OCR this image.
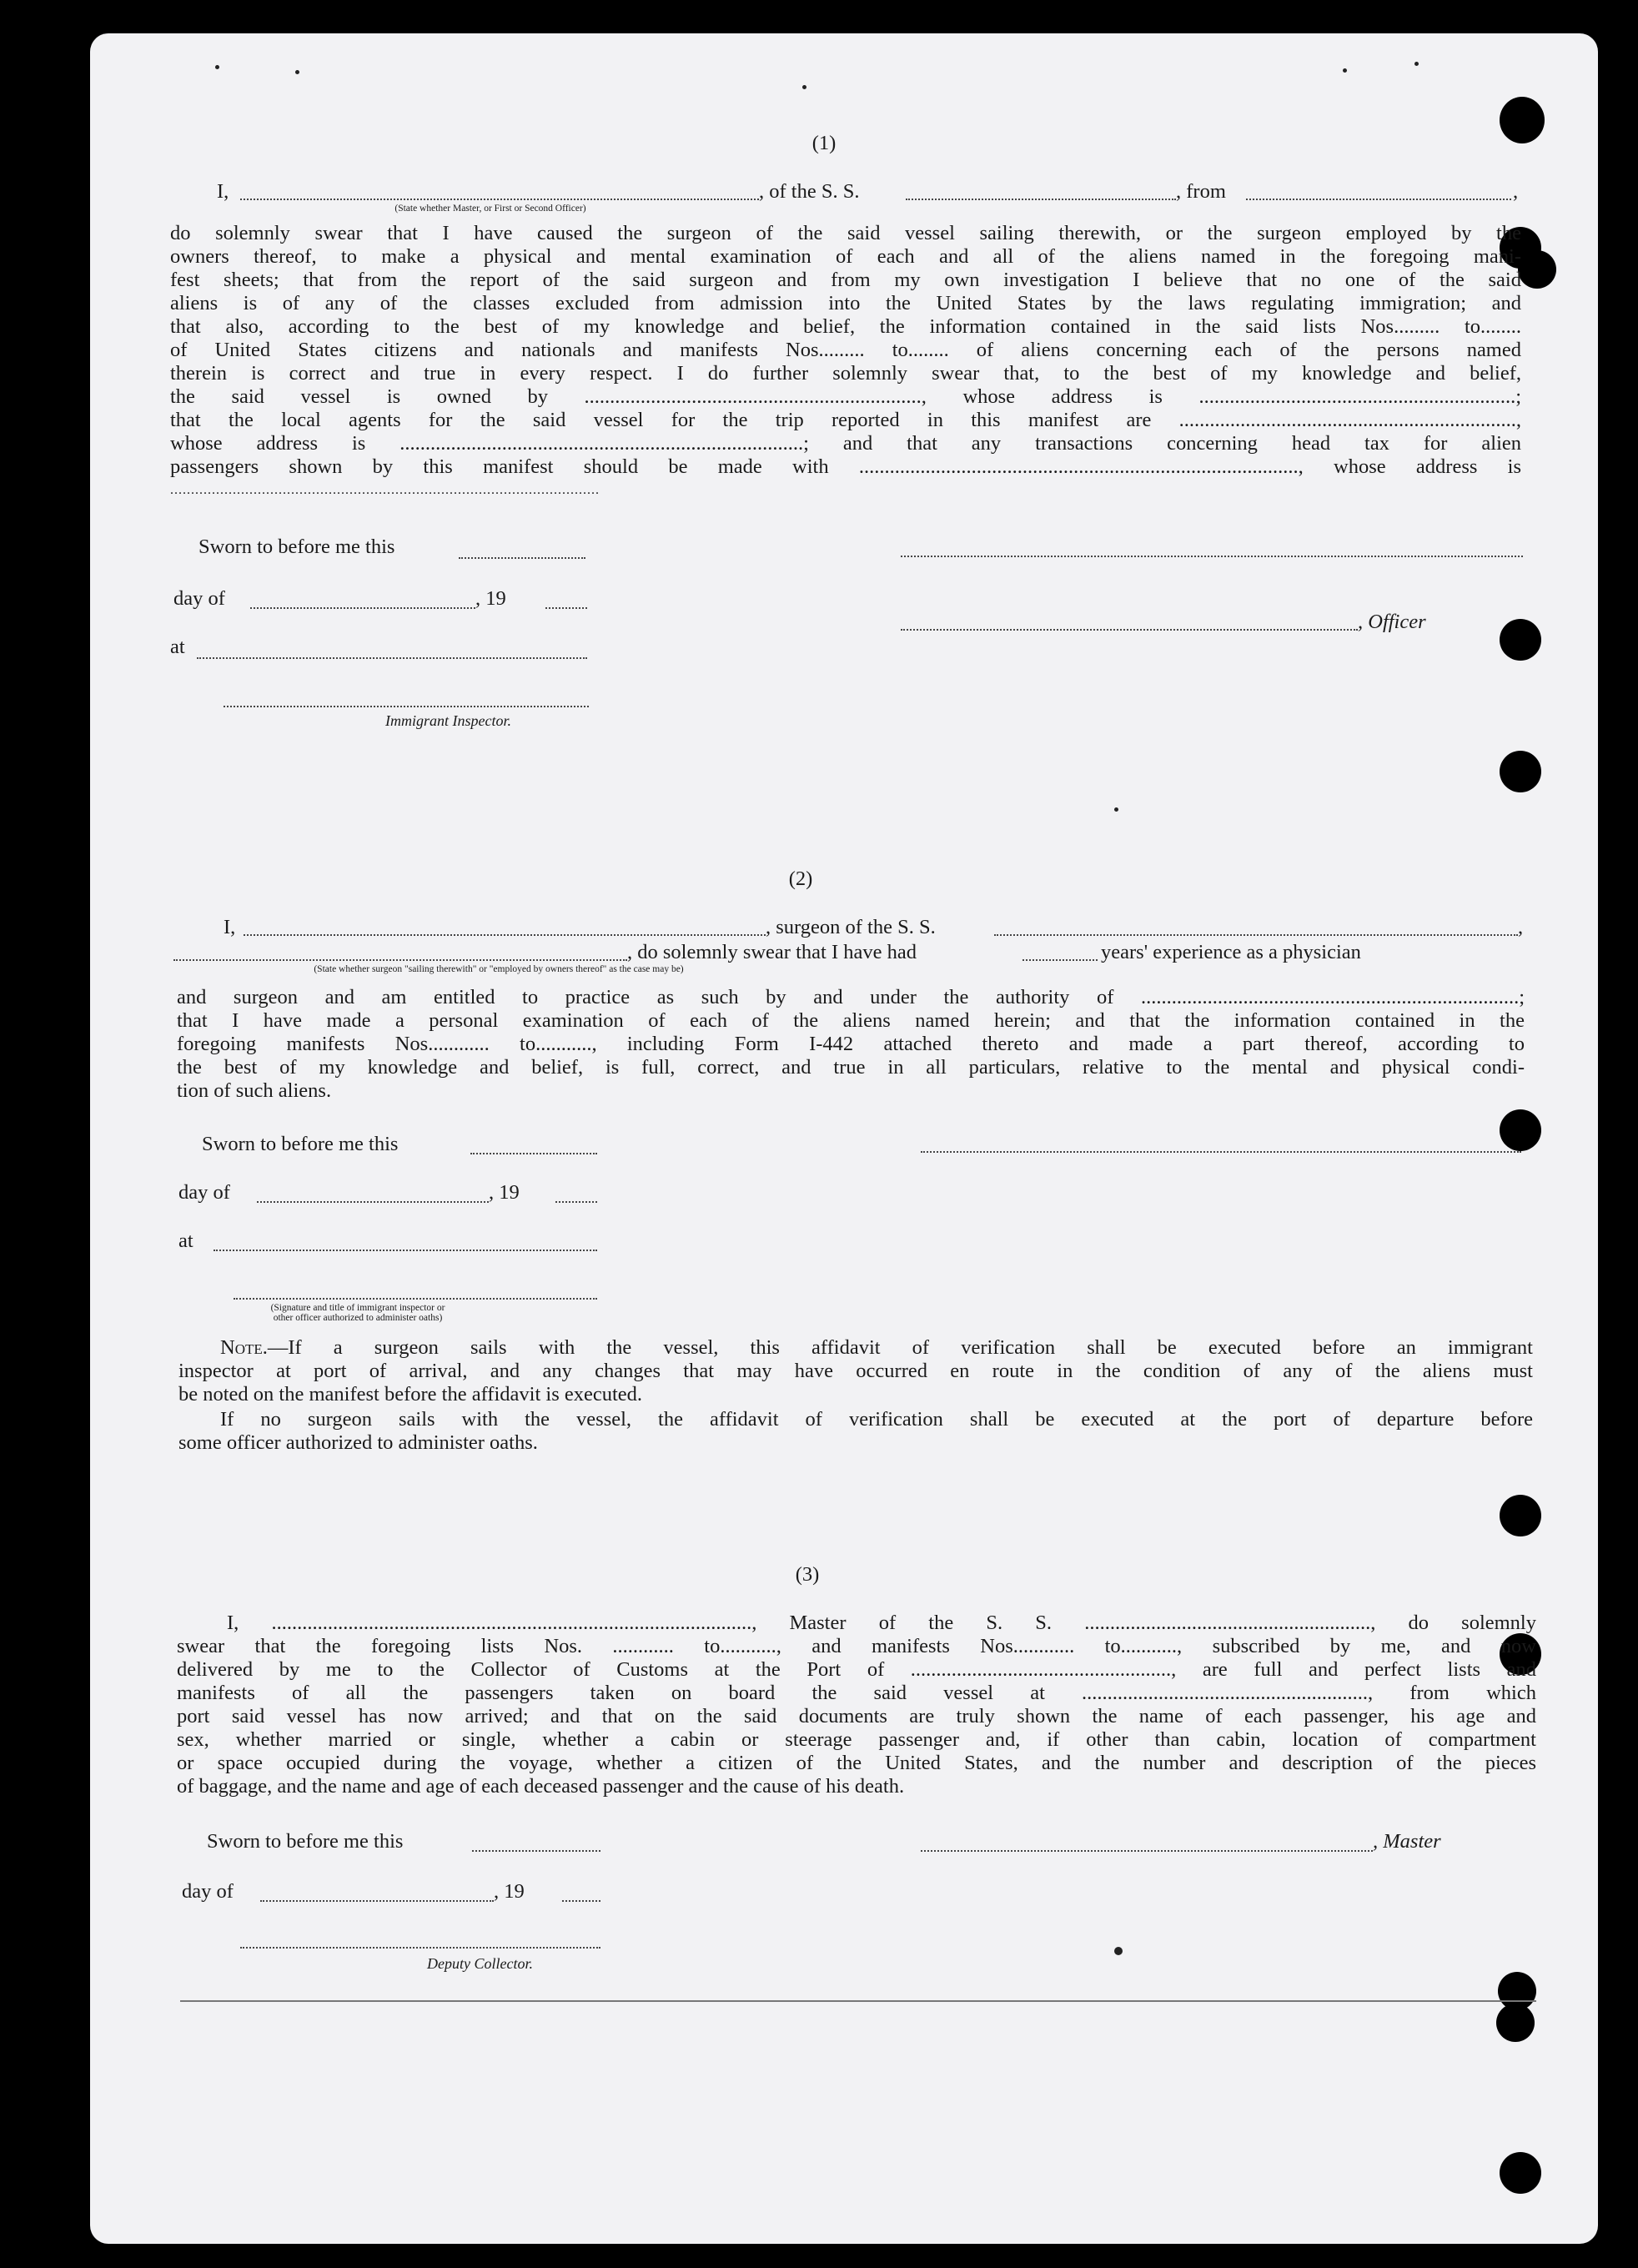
(1)
I,
(State whether Master, or First or Second Officer)
, of the S. S.	, from	,
do solemnly swear that I have caused the surgeon of the said vessel sailing therewith, or the surgeon employed by the
owners thereof, to make a physical and mental examination of each and all of the aliens named in the foregoing mani-
fest sheets; that from the report of the said surgeon and from my own investigation I believe that no one of the said
aliens is of any of the classes excluded from admission into the United States by the laws regulating immigration; and
that also, according to the best of my knowledge and belief, the information contained in the said lists Nos......... to........
of United States citizens and nationals and manifests Nos......... to........ of aliens concerning each of the persons named
therein is correct and true in every respect. I do further solemnly swear that, to the best of my knowledge and belief,
the said vessel is owned by .................................................................., whose address is ..............................................................;
that the local agents for the said vessel for the trip reported in this manifest are ..................................................................,
whose address is ...............................................................................; and that any transactions concerning head tax for alien
passengers shown by this manifest should be made with ......................................................................................, whose address is
.......................................................................................................
Sworn to before me this
day of	, 19
, Officer
at
Immigrant Inspector.
(2)
I,	, surgeon of the S. S.	,
, do solemnly swear that I have had	years' experience as a physician
(State whether surgeon "sailing therewith" or "employed by owners thereof" as the case may be)
and surgeon and am entitled to practice as such by and under the authority of ..........................................................................;
that I have made a personal examination of each of the aliens named herein; and that the information contained in the
foregoing manifests Nos............ to..........., including Form I-442 attached thereto and made a part thereof, according to
the best of my knowledge and belief, is full, correct, and true in all particulars, relative to the mental and physical condi-
tion of such aliens.
Sworn to before me this
day of	, 19
at
(Signature and title of immigrant inspector or
other officer authorized to administer oaths)
Note.—If a surgeon sails with the vessel, this affidavit of verification shall be executed before an immigrant
inspector at port of arrival, and any changes that may have occurred en route in the condition of any of the aliens must
be noted on the manifest before the affidavit is executed.
If no surgeon sails with the vessel, the affidavit of verification shall be executed at the port of departure before
some officer authorized to administer oaths.
(3)
I, .............................................................................................., Master of the S. S. ........................................................, do solemnly
swear that the foregoing lists Nos. ............ to..........., and manifests Nos............ to..........., subscribed by me, and now
delivered by me to the Collector of Customs at the Port of ..................................................., are full and perfect lists and
manifests of all the passengers taken on board the said vessel at ........................................................, from which
port said vessel has now arrived; and that on the said documents are truly shown the name of each passenger, his age and
sex, whether married or single, whether a cabin or steerage passenger and, if other than cabin, location of compartment
or space occupied during the voyage, whether a citizen of the United States, and the number and description of the pieces
of baggage, and the name and age of each deceased passenger and the cause of his death.
Sworn to before me this	, Master
day of	, 19
Deputy Collector.
